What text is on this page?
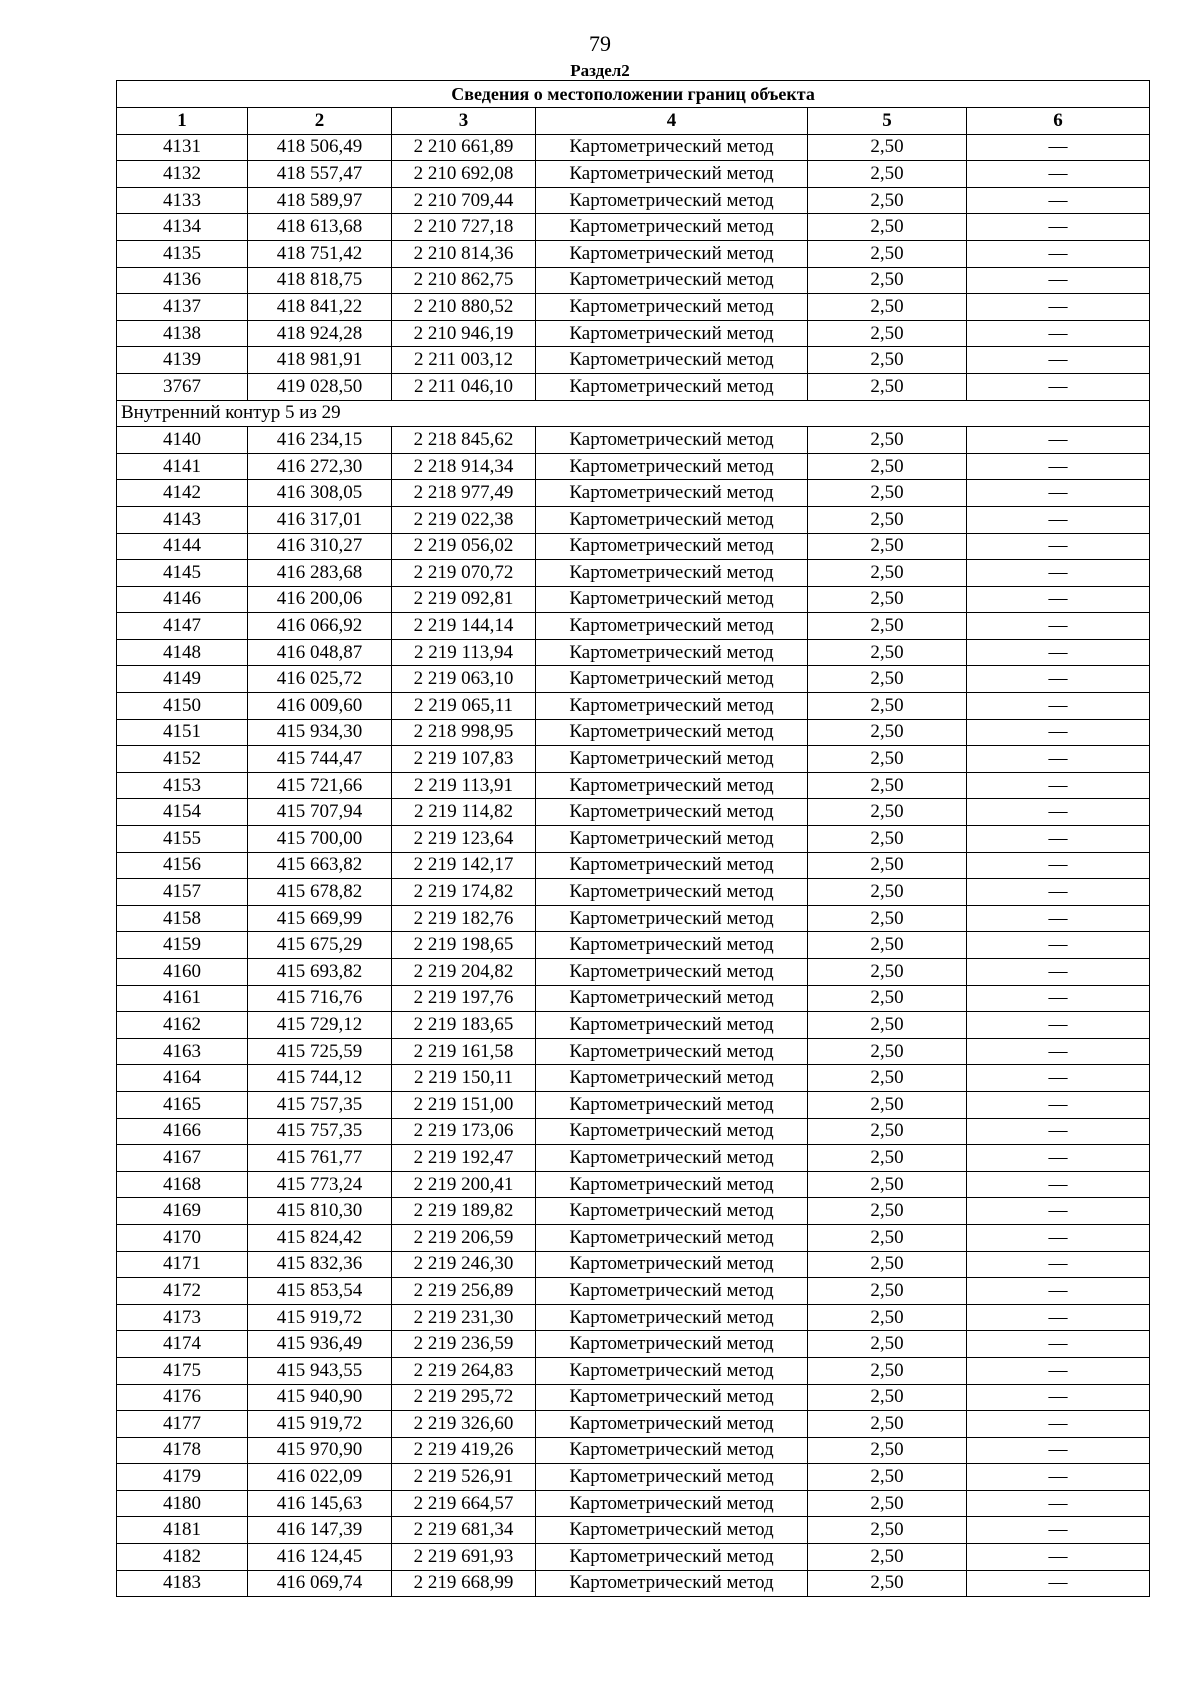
79
Раздел2
Сведения о местоположении границ объекта					
1	2	3	4	5	6
4131	418 506,49	2 210 661,89	Картометрический метод	2,50	—
4132	418 557,47	2 210 692,08	Картометрический метод	2,50	—
4133	418 589,97	2 210 709,44	Картометрический метод	2,50	—
4134	418 613,68	2 210 727,18	Картометрический метод	2,50	—
4135	418 751,42	2 210 814,36	Картометрический метод	2,50	—
4136	418 818,75	2 210 862,75	Картометрический метод	2,50	—
4137	418 841,22	2 210 880,52	Картометрический метод	2,50	—
4138	418 924,28	2 210 946,19	Картометрический метод	2,50	—
4139	418 981,91	2 211 003,12	Картометрический метод	2,50	—
3767	419 028,50	2 211 046,10	Картометрический метод	2,50	—
Внутренний контур 5 из 29					
4140	416 234,15	2 218 845,62	Картометрический метод	2,50	—
4141	416 272,30	2 218 914,34	Картометрический метод	2,50	—
4142	416 308,05	2 218 977,49	Картометрический метод	2,50	—
4143	416 317,01	2 219 022,38	Картометрический метод	2,50	—
4144	416 310,27	2 219 056,02	Картометрический метод	2,50	—
4145	416 283,68	2 219 070,72	Картометрический метод	2,50	—
4146	416 200,06	2 219 092,81	Картометрический метод	2,50	—
4147	416 066,92	2 219 144,14	Картометрический метод	2,50	—
4148	416 048,87	2 219 113,94	Картометрический метод	2,50	—
4149	416 025,72	2 219 063,10	Картометрический метод	2,50	—
4150	416 009,60	2 219 065,11	Картометрический метод	2,50	—
4151	415 934,30	2 218 998,95	Картометрический метод	2,50	—
4152	415 744,47	2 219 107,83	Картометрический метод	2,50	—
4153	415 721,66	2 219 113,91	Картометрический метод	2,50	—
4154	415 707,94	2 219 114,82	Картометрический метод	2,50	—
4155	415 700,00	2 219 123,64	Картометрический метод	2,50	—
4156	415 663,82	2 219 142,17	Картометрический метод	2,50	—
4157	415 678,82	2 219 174,82	Картометрический метод	2,50	—
4158	415 669,99	2 219 182,76	Картометрический метод	2,50	—
4159	415 675,29	2 219 198,65	Картометрический метод	2,50	—
4160	415 693,82	2 219 204,82	Картометрический метод	2,50	—
4161	415 716,76	2 219 197,76	Картометрический метод	2,50	—
4162	415 729,12	2 219 183,65	Картометрический метод	2,50	—
4163	415 725,59	2 219 161,58	Картометрический метод	2,50	—
4164	415 744,12	2 219 150,11	Картометрический метод	2,50	—
4165	415 757,35	2 219 151,00	Картометрический метод	2,50	—
4166	415 757,35	2 219 173,06	Картометрический метод	2,50	—
4167	415 761,77	2 219 192,47	Картометрический метод	2,50	—
4168	415 773,24	2 219 200,41	Картометрический метод	2,50	—
4169	415 810,30	2 219 189,82	Картометрический метод	2,50	—
4170	415 824,42	2 219 206,59	Картометрический метод	2,50	—
4171	415 832,36	2 219 246,30	Картометрический метод	2,50	—
4172	415 853,54	2 219 256,89	Картометрический метод	2,50	—
4173	415 919,72	2 219 231,30	Картометрический метод	2,50	—
4174	415 936,49	2 219 236,59	Картометрический метод	2,50	—
4175	415 943,55	2 219 264,83	Картометрический метод	2,50	—
4176	415 940,90	2 219 295,72	Картометрический метод	2,50	—
4177	415 919,72	2 219 326,60	Картометрический метод	2,50	—
4178	415 970,90	2 219 419,26	Картометрический метод	2,50	—
4179	416 022,09	2 219 526,91	Картометрический метод	2,50	—
4180	416 145,63	2 219 664,57	Картометрический метод	2,50	—
4181	416 147,39	2 219 681,34	Картометрический метод	2,50	—
4182	416 124,45	2 219 691,93	Картометрический метод	2,50	—
4183	416 069,74	2 219 668,99	Картометрический метод	2,50	—
